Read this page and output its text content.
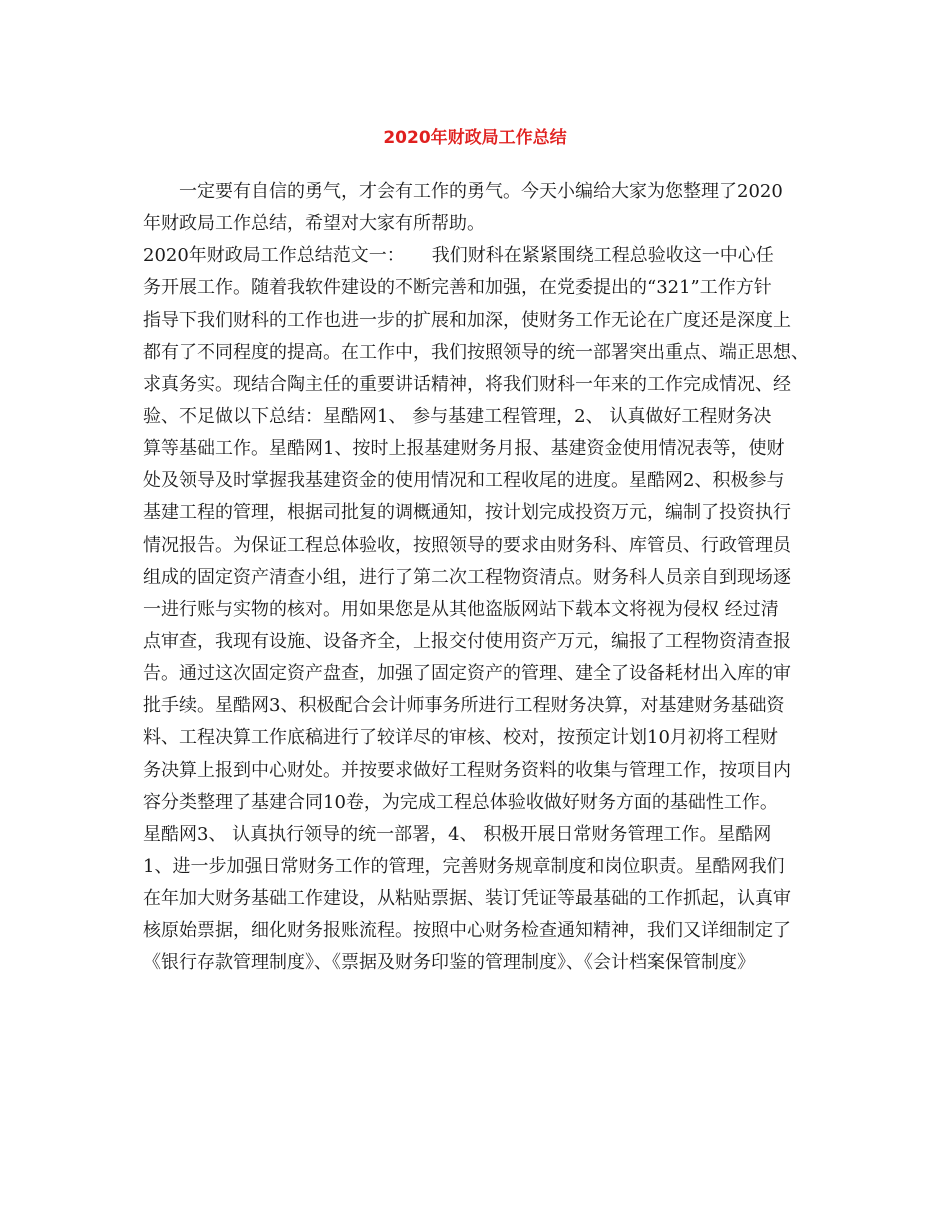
2020年财政局工作总结
一定要有自信的勇气，才会有工作的勇气。今天小编给大家为您整理了2020
年财政局工作总结，希望对大家有所帮助。
2020年财政局工作总结范文一：　　我们财科在紧紧围绕工程总验收这一中心任
务开展工作。随着我软件建设的不断完善和加强，在党委提出的“321”工作方针
指导下我们财科的工作也进一步的扩展和加深，使财务工作无论在广度还是深度上
都有了不同程度的提高。在工作中，我们按照领导的统一部署突出重点、端正思想、
求真务实。现结合陶主任的重要讲话精神，将我们财科一年来的工作完成情况、经
验、不足做以下总结：星酷网1、 参与基建工程管理，2、 认真做好工程财务决
算等基础工作。星酷网1、按时上报基建财务月报、基建资金使用情况表等，使财
处及领导及时掌握我基建资金的使用情况和工程收尾的进度。星酷网2、积极参与
基建工程的管理，根据司批复的调概通知，按计划完成投资万元，编制了投资执行
情况报告。为保证工程总体验收，按照领导的要求由财务科、库管员、行政管理员
组成的固定资产清查小组，进行了第二次工程物资清点。财务科人员亲自到现场逐
一进行账与实物的核对。用如果您是从其他盗版网站下载本文将视为侵权 经过清
点审查，我现有设施、设备齐全，上报交付使用资产万元，编报了工程物资清查报
告。通过这次固定资产盘查，加强了固定资产的管理、建全了设备耗材出入库的审
批手续。星酷网3、积极配合会计师事务所进行工程财务决算，对基建财务基础资
料、工程决算工作底稿进行了较详尽的审核、校对，按预定计划10月初将工程财
务决算上报到中心财处。并按要求做好工程财务资料的收集与管理工作，按项目内
容分类整理了基建合同10卷，为完成工程总体验收做好财务方面的基础性工作。
星酷网3、 认真执行领导的统一部署，4、 积极开展日常财务管理工作。星酷网
1、进一步加强日常财务工作的管理，完善财务规章制度和岗位职责。星酷网我们
在年加大财务基础工作建设，从粘贴票据、装订凭证等最基础的工作抓起，认真审
核原始票据，细化财务报账流程。按照中心财务检查通知精神，我们又详细制定了
《银行存款管理制度》、《票据及财务印鉴的管理制度》、《会计档案保管制度》
